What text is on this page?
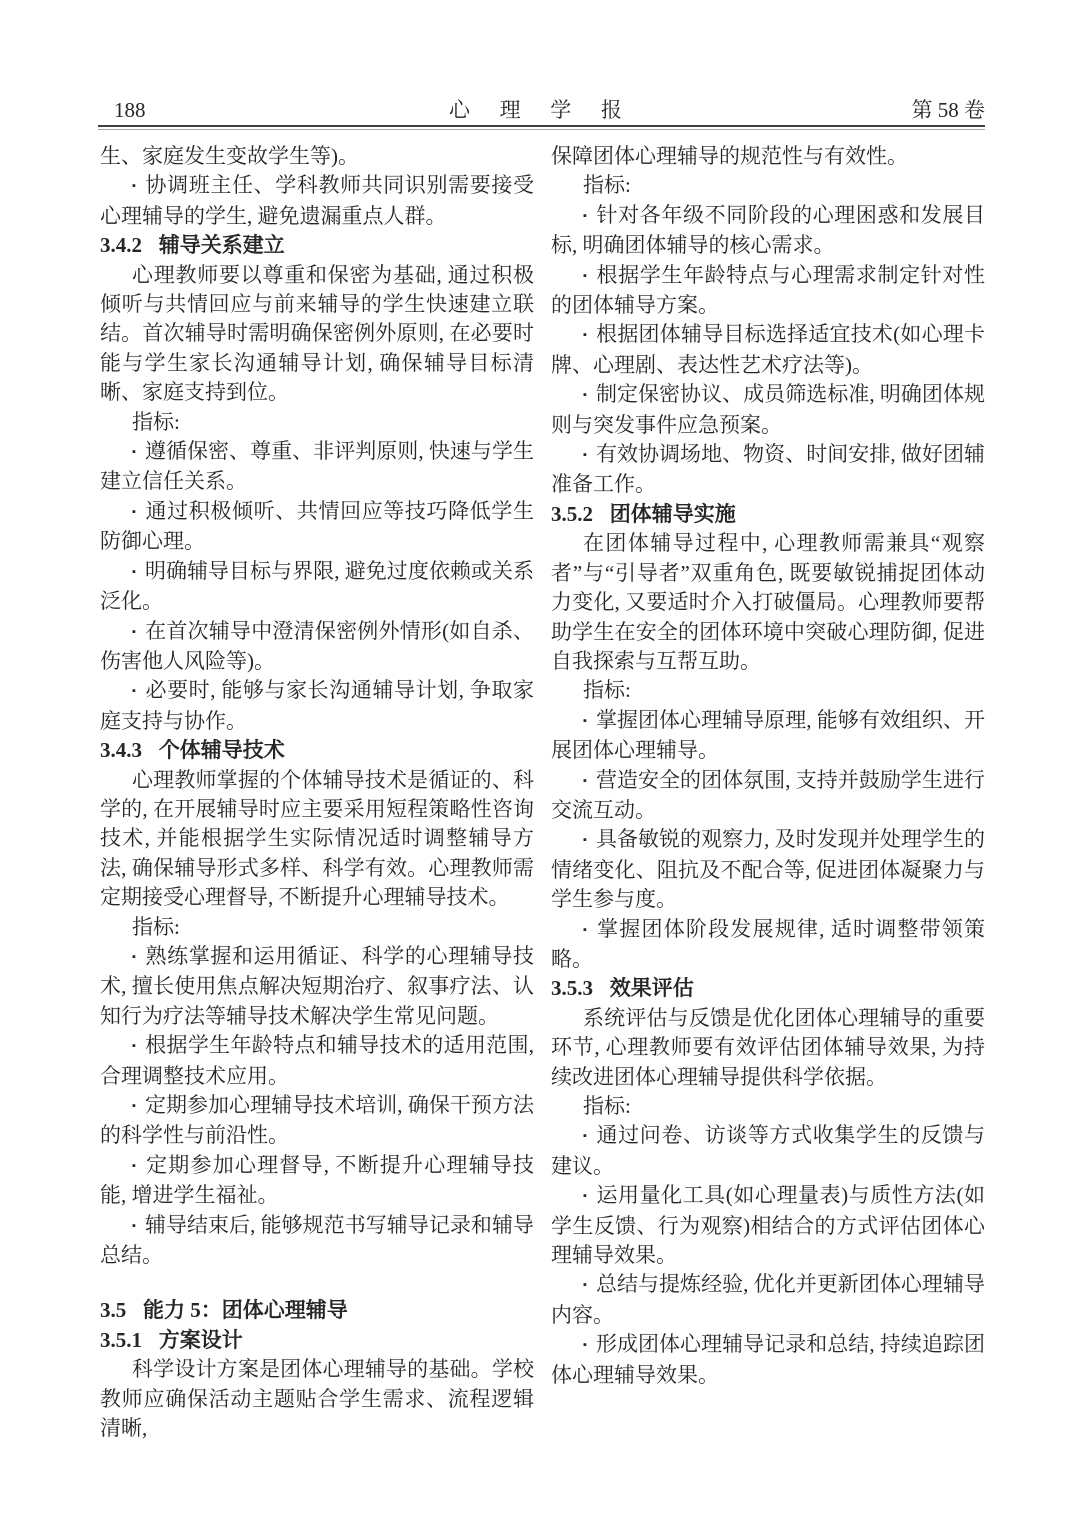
188	心 理 学 报	第 58 卷

生、家庭发生变故学生等)。

▪ 协调班主任、学科教师共同识别需要接受心理辅导的学生, 避免遗漏重点人群。

3.4.2 辅导关系建立

心理教师要以尊重和保密为基础, 通过积极倾听与共情回应与前来辅导的学生快速建立联结。首次辅导时需明确保密例外原则, 在必要时能与学生家长沟通辅导计划, 确保辅导目标清晰、家庭支持到位。

指标:

▪ 遵循保密、尊重、非评判原则, 快速与学生建立信任关系。

▪ 通过积极倾听、共情回应等技巧降低学生防御心理。

▪ 明确辅导目标与界限, 避免过度依赖或关系泛化。

▪ 在首次辅导中澄清保密例外情形(如自杀、伤害他人风险等)。

▪ 必要时, 能够与家长沟通辅导计划, 争取家庭支持与协作。

3.4.3 个体辅导技术

心理教师掌握的个体辅导技术是循证的、科学的, 在开展辅导时应主要采用短程策略性咨询技术, 并能根据学生实际情况适时调整辅导方法, 确保辅导形式多样、科学有效。心理教师需定期接受心理督导, 不断提升心理辅导技术。

指标:

▪ 熟练掌握和运用循证、科学的心理辅导技术, 擅长使用焦点解决短期治疗、叙事疗法、认知行为疗法等辅导技术解决学生常见问题。

▪ 根据学生年龄特点和辅导技术的适用范围, 合理调整技术应用。

▪ 定期参加心理辅导技术培训, 确保干预方法的科学性与前沿性。

▪ 定期参加心理督导, 不断提升心理辅导技能, 增进学生福祉。

▪ 辅导结束后, 能够规范书写辅导记录和辅导总结。

3.5 能力 5：团体心理辅导

3.5.1 方案设计

科学设计方案是团体心理辅导的基础。学校教师应确保活动主题贴合学生需求、流程逻辑清晰,

保障团体心理辅导的规范性与有效性。

指标:

▪ 针对各年级不同阶段的心理困惑和发展目标, 明确团体辅导的核心需求。

▪ 根据学生年龄特点与心理需求制定针对性的团体辅导方案。

▪ 根据团体辅导目标选择适宜技术(如心理卡牌、心理剧、表达性艺术疗法等)。

▪ 制定保密协议、成员筛选标准, 明确团体规则与突发事件应急预案。

▪ 有效协调场地、物资、时间安排, 做好团辅准备工作。

3.5.2 团体辅导实施

在团体辅导过程中, 心理教师需兼具“观察者”与“引导者”双重角色, 既要敏锐捕捉团体动力变化, 又要适时介入打破僵局。心理教师要帮助学生在安全的团体环境中突破心理防御, 促进自我探索与互帮互助。

指标:

▪ 掌握团体心理辅导原理, 能够有效组织、开展团体心理辅导。

▪ 营造安全的团体氛围, 支持并鼓励学生进行交流互动。

▪ 具备敏锐的观察力, 及时发现并处理学生的情绪变化、阻抗及不配合等, 促进团体凝聚力与学生参与度。

▪ 掌握团体阶段发展规律, 适时调整带领策略。

3.5.3 效果评估

系统评估与反馈是优化团体心理辅导的重要环节, 心理教师要有效评估团体辅导效果, 为持续改进团体心理辅导提供科学依据。

指标:

▪ 通过问卷、访谈等方式收集学生的反馈与建议。

▪ 运用量化工具(如心理量表)与质性方法(如学生反馈、行为观察)相结合的方式评估团体心理辅导效果。

▪ 总结与提炼经验, 优化并更新团体心理辅导内容。

▪ 形成团体心理辅导记录和总结, 持续追踪团体心理辅导效果。
